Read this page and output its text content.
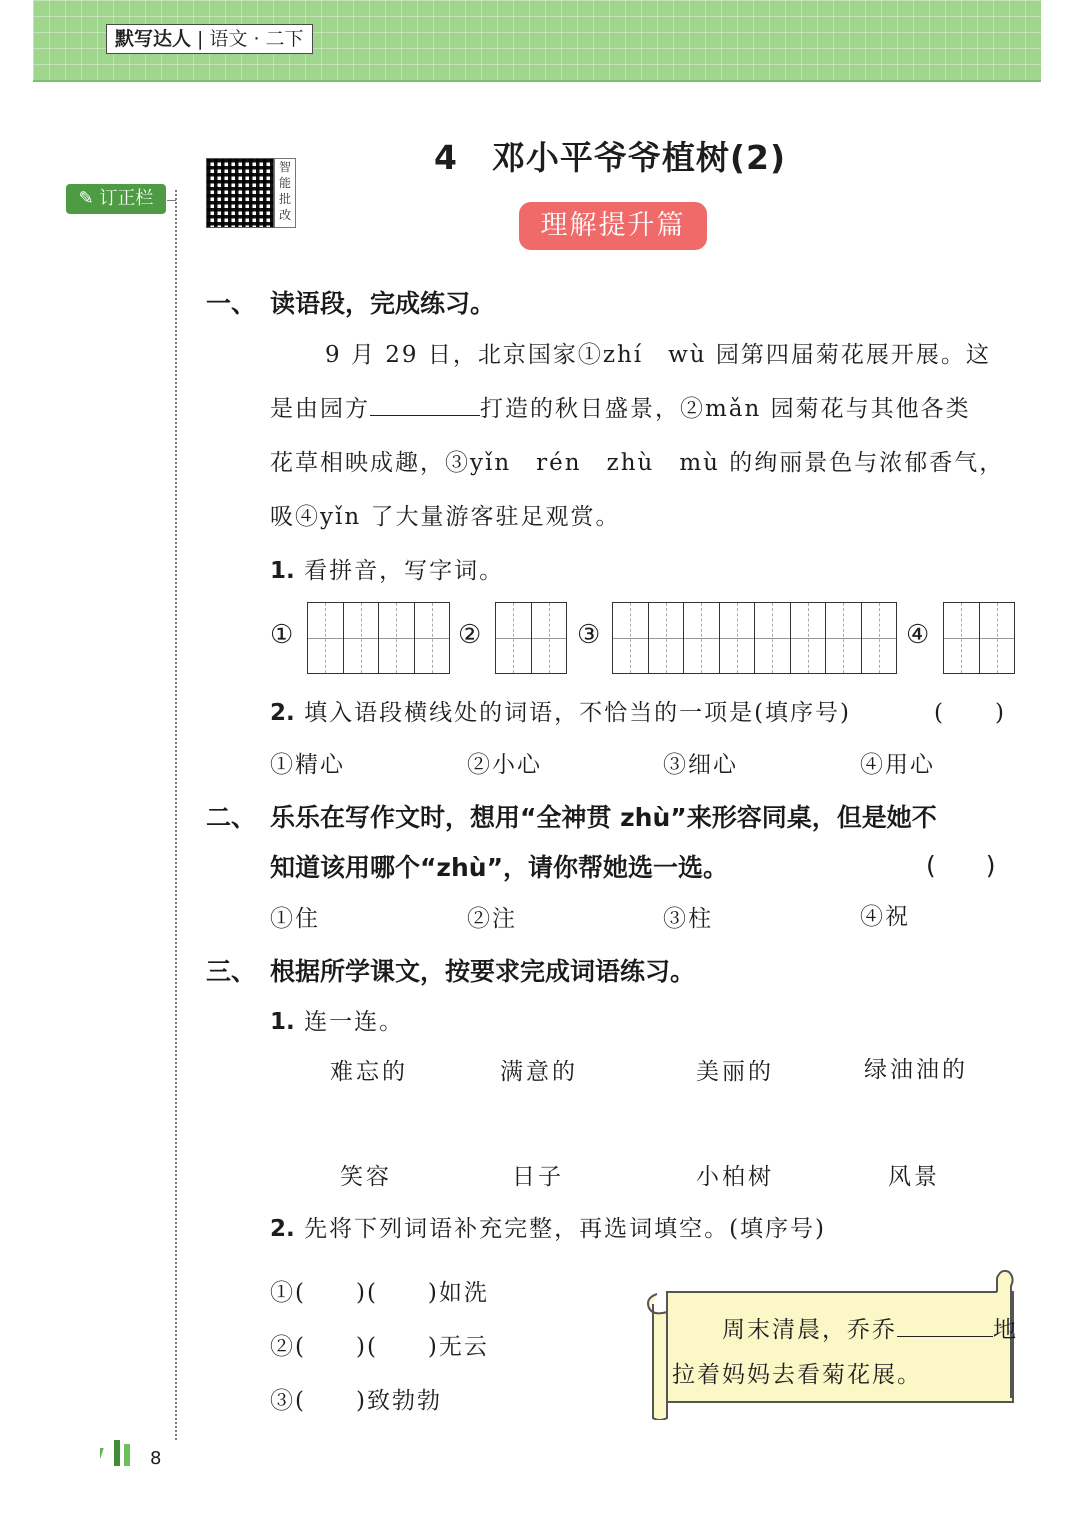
默写达人 | 语文 · 二下
✎ 订正栏
智能批改
4　邓小平爷爷植树(2)
理解提升篇
一、 读语段，完成练习。
9 月 29 日，北京国家①zhí　wù 园第四届菊花展开展。这
是由园方	打造的秋日盛景，②mǎn 园菊花与其他各类
花草相映成趣，③yǐn　rén　zhù　mù 的绚丽景色与浓郁香气，
吸④yǐn 了大量游客驻足观赏。
1. 看拼音，写字词。
①	②	③	④
2. 填入语段横线处的词语，不恰当的一项是(填序号)	(　　)
①精心	②小心	③细心	④用心
二、 乐乐在写作文时，想用“全神贯 zhù”来形容同桌，但是她不
知道该用哪个“zhù”，请你帮她选一选。	(　　)
①住	②注	③柱	④祝
三、 根据所学课文，按要求完成词语练习。
1. 连一连。
难忘的	满意的	美丽的	绿油油的
笑容	日子	小柏树	风景
2. 先将下列词语补充完整，再选词填空。(填序号)
①(　　)(　　)如洗
②(　　)(　　)无云
③(　　)致勃勃
周末清晨，乔乔	地
拉着妈妈去看菊花展。
8
